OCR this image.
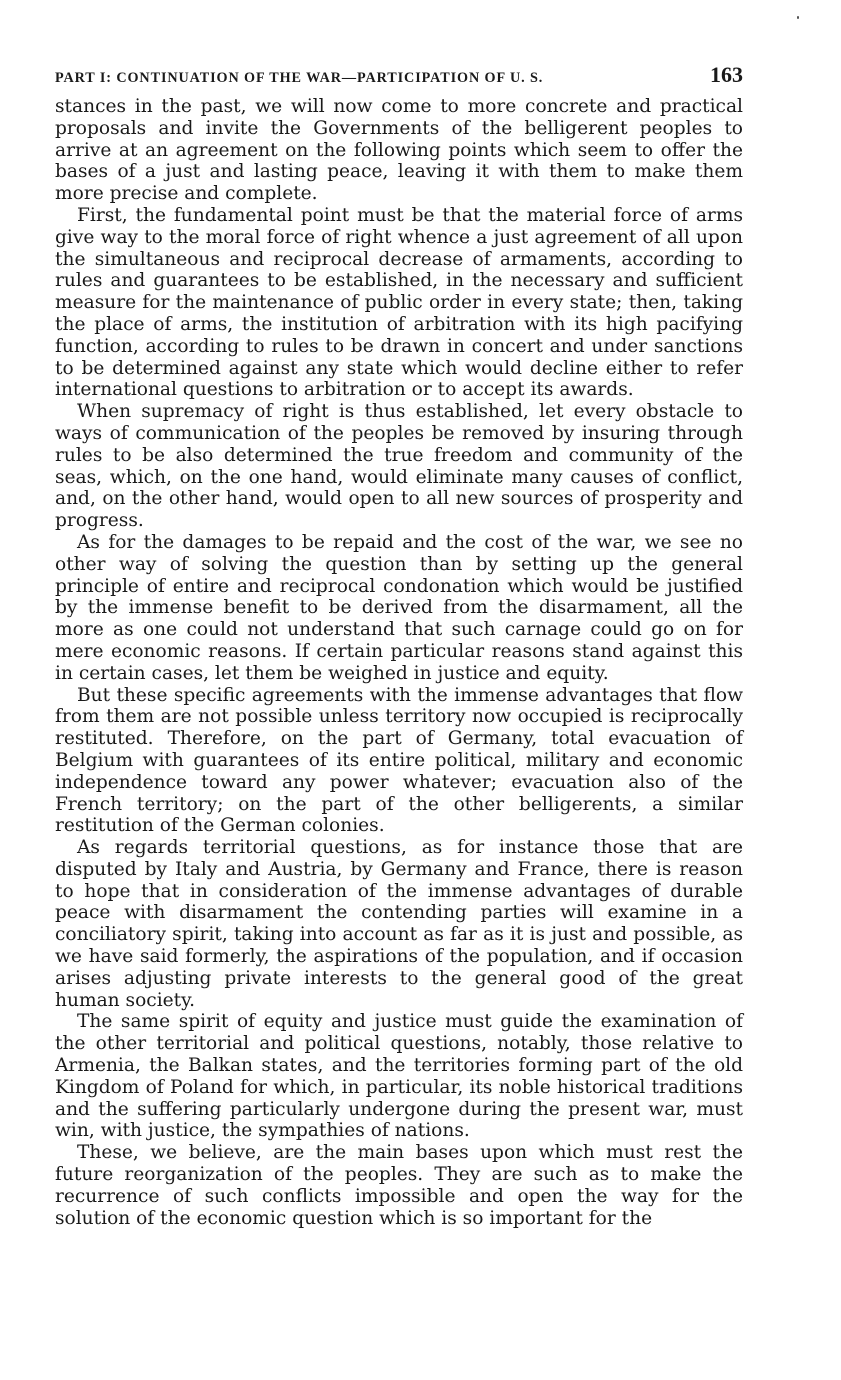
PART I: CONTINUATION OF THE WAR—PARTICIPATION OF U. S.	163

stances in the past, we will now come to more concrete and practical proposals and invite the Governments of the belligerent peoples to arrive at an agreement on the following points which seem to offer the bases of a just and lasting peace, leaving it with them to make them more precise and complete.

First, the fundamental point must be that the material force of arms give way to the moral force of right whence a just agreement of all upon the simultaneous and reciprocal decrease of armaments, according to rules and guarantees to be established, in the necessary and sufficient measure for the maintenance of public order in every state; then, taking the place of arms, the institution of arbitration with its high pacifying function, according to rules to be drawn in concert and under sanctions to be determined against any state which would decline either to refer international questions to arbitration or to accept its awards.

When supremacy of right is thus established, let every obstacle to ways of communication of the peoples be removed by insuring through rules to be also determined the true freedom and community of the seas, which, on the one hand, would eliminate many causes of conflict, and, on the other hand, would open to all new sources of prosperity and progress.

As for the damages to be repaid and the cost of the war, we see no other way of solving the question than by setting up the general principle of entire and reciprocal condonation which would be justified by the immense benefit to be derived from the disarmament, all the more as one could not understand that such carnage could go on for mere economic reasons. If certain particular reasons stand against this in certain cases, let them be weighed in justice and equity.

But these specific agreements with the immense advantages that flow from them are not possible unless territory now occupied is reciprocally restituted. Therefore, on the part of Germany, total evacuation of Belgium with guarantees of its entire political, military and economic independence toward any power whatever; evacuation also of the French territory; on the part of the other belligerents, a similar restitution of the German colonies.

As regards territorial questions, as for instance those that are disputed by Italy and Austria, by Germany and France, there is reason to hope that in consideration of the immense advantages of durable peace with disarmament the contending parties will examine in a conciliatory spirit, taking into account as far as it is just and possible, as we have said formerly, the aspirations of the population, and if occasion arises adjusting private interests to the general good of the great human society.

The same spirit of equity and justice must guide the examination of the other territorial and political questions, notably, those relative to Armenia, the Balkan states, and the territories forming part of the old Kingdom of Poland for which, in particular, its noble historical traditions and the suffering particularly undergone during the present war, must win, with justice, the sympathies of nations.

These, we believe, are the main bases upon which must rest the future reorganization of the peoples. They are such as to make the recurrence of such conflicts impossible and open the way for the solution of the economic question which is so important for the
